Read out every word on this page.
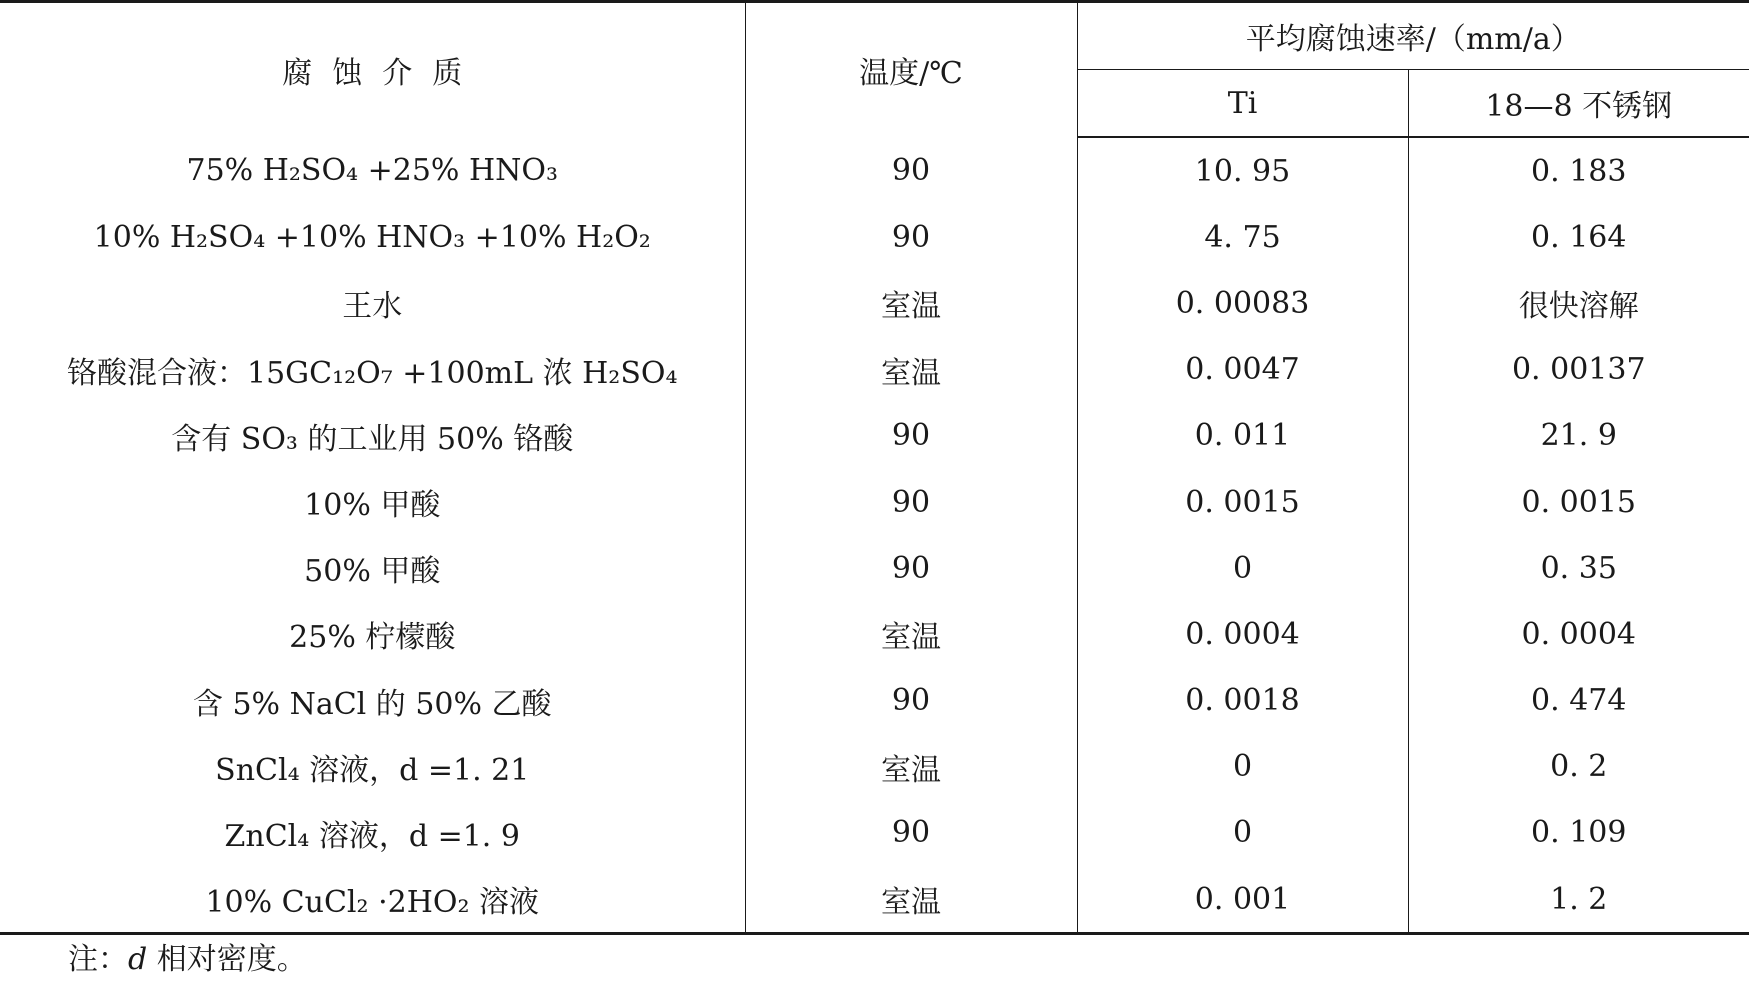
腐蚀介质	温度/℃	平均腐蚀速率/（mm/a）	
		Ti	18—8 不锈钢
75% H₂SO₄ +25% HNO₃	90	10. 95	0. 183
10% H₂SO₄ +10% HNO₃ +10% H₂O₂	90	4. 75	0. 164
王水	室温	0. 00083	很快溶解
铬酸混合液：15GC₁₂O₇ +100mL 浓 H₂SO₄	室温	0. 0047	0. 00137
含有 SO₃ 的工业用 50% 铬酸	90	0. 011	21. 9
10% 甲酸	90	0. 0015	0. 0015
50% 甲酸	90	0	0. 35
25% 柠檬酸	室温	0. 0004	0. 0004
含 5% NaCl 的 50% 乙酸	90	0. 0018	0. 474
SnCl₄ 溶液，d =1. 21	室温	0	0. 2
ZnCl₄ 溶液，d =1. 9	90	0	0. 109
10% CuCl₂ ·2HO₂ 溶液	室温	0. 001	1. 2
注：d 相对密度。
